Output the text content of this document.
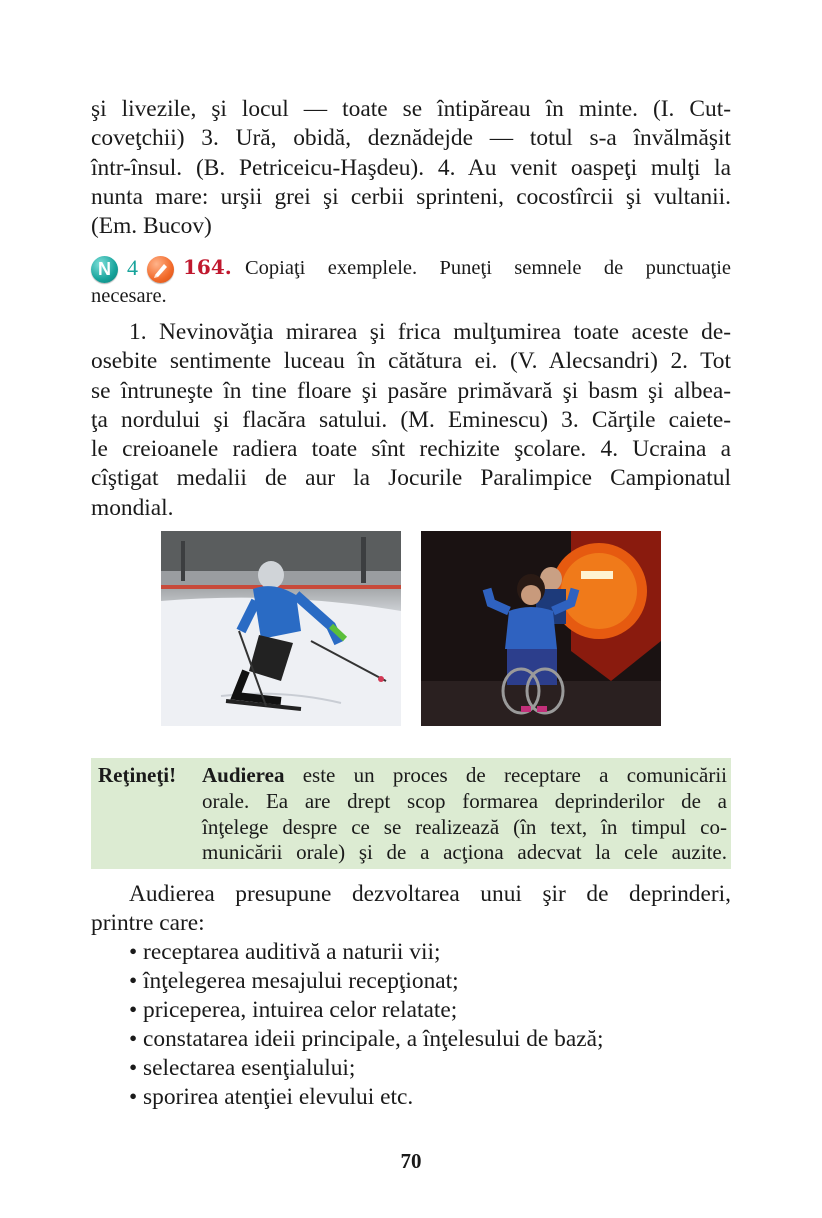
şi livezile, şi locul — toate se întipăreau în minte. (I. Cut-
coveţchii) 3. Ură, obidă, deznădejde — totul s-a învălmăşit
într-însul. (B. Petriceicu-Haşdeu). 4. Au venit oaspeţi mulţi la
nunta mare: urşii grei şi cerbii sprinteni, cocostîrcii şi vultanii.
(Em. Bucov)

N 4 164. Copiaţi exemplele. Puneţi semnele de punctuaţie
necesare.

1. Nevinovăţia mirarea şi frica mulţumirea toate aceste de-
osebite sentimente luceau în cătătura ei. (V. Alecsandri) 2. Tot
se întruneşte în tine floare şi pasăre primăvară şi basm şi albea-
ţa nordului şi flacăra satului. (M. Eminescu) 3. Cărţile caiete-
le creioanele radiera toate sînt rechizite şcolare. 4. Ucraina a
cîştigat medalii de aur la Jocurile Paralimpice Campionatul
mondial.

Reţineţi! Audierea este un proces de receptare a comunicării
orale. Ea are drept scop formarea deprinderilor de a
înţelege despre ce se realizează (în text, în timpul co-
municării orale) şi de a acţiona adecvat la cele auzite.

Audierea presupune dezvoltarea unui şir de deprinderi,
printre care:

• receptarea auditivă a naturii vii;
• înţelegerea mesajului recepţionat;
• priceperea, intuirea celor relatate;
• constatarea ideii principale, a înţelesului de bază;
• selectarea esenţialului;
• sporirea atenţiei elevului etc.
70
